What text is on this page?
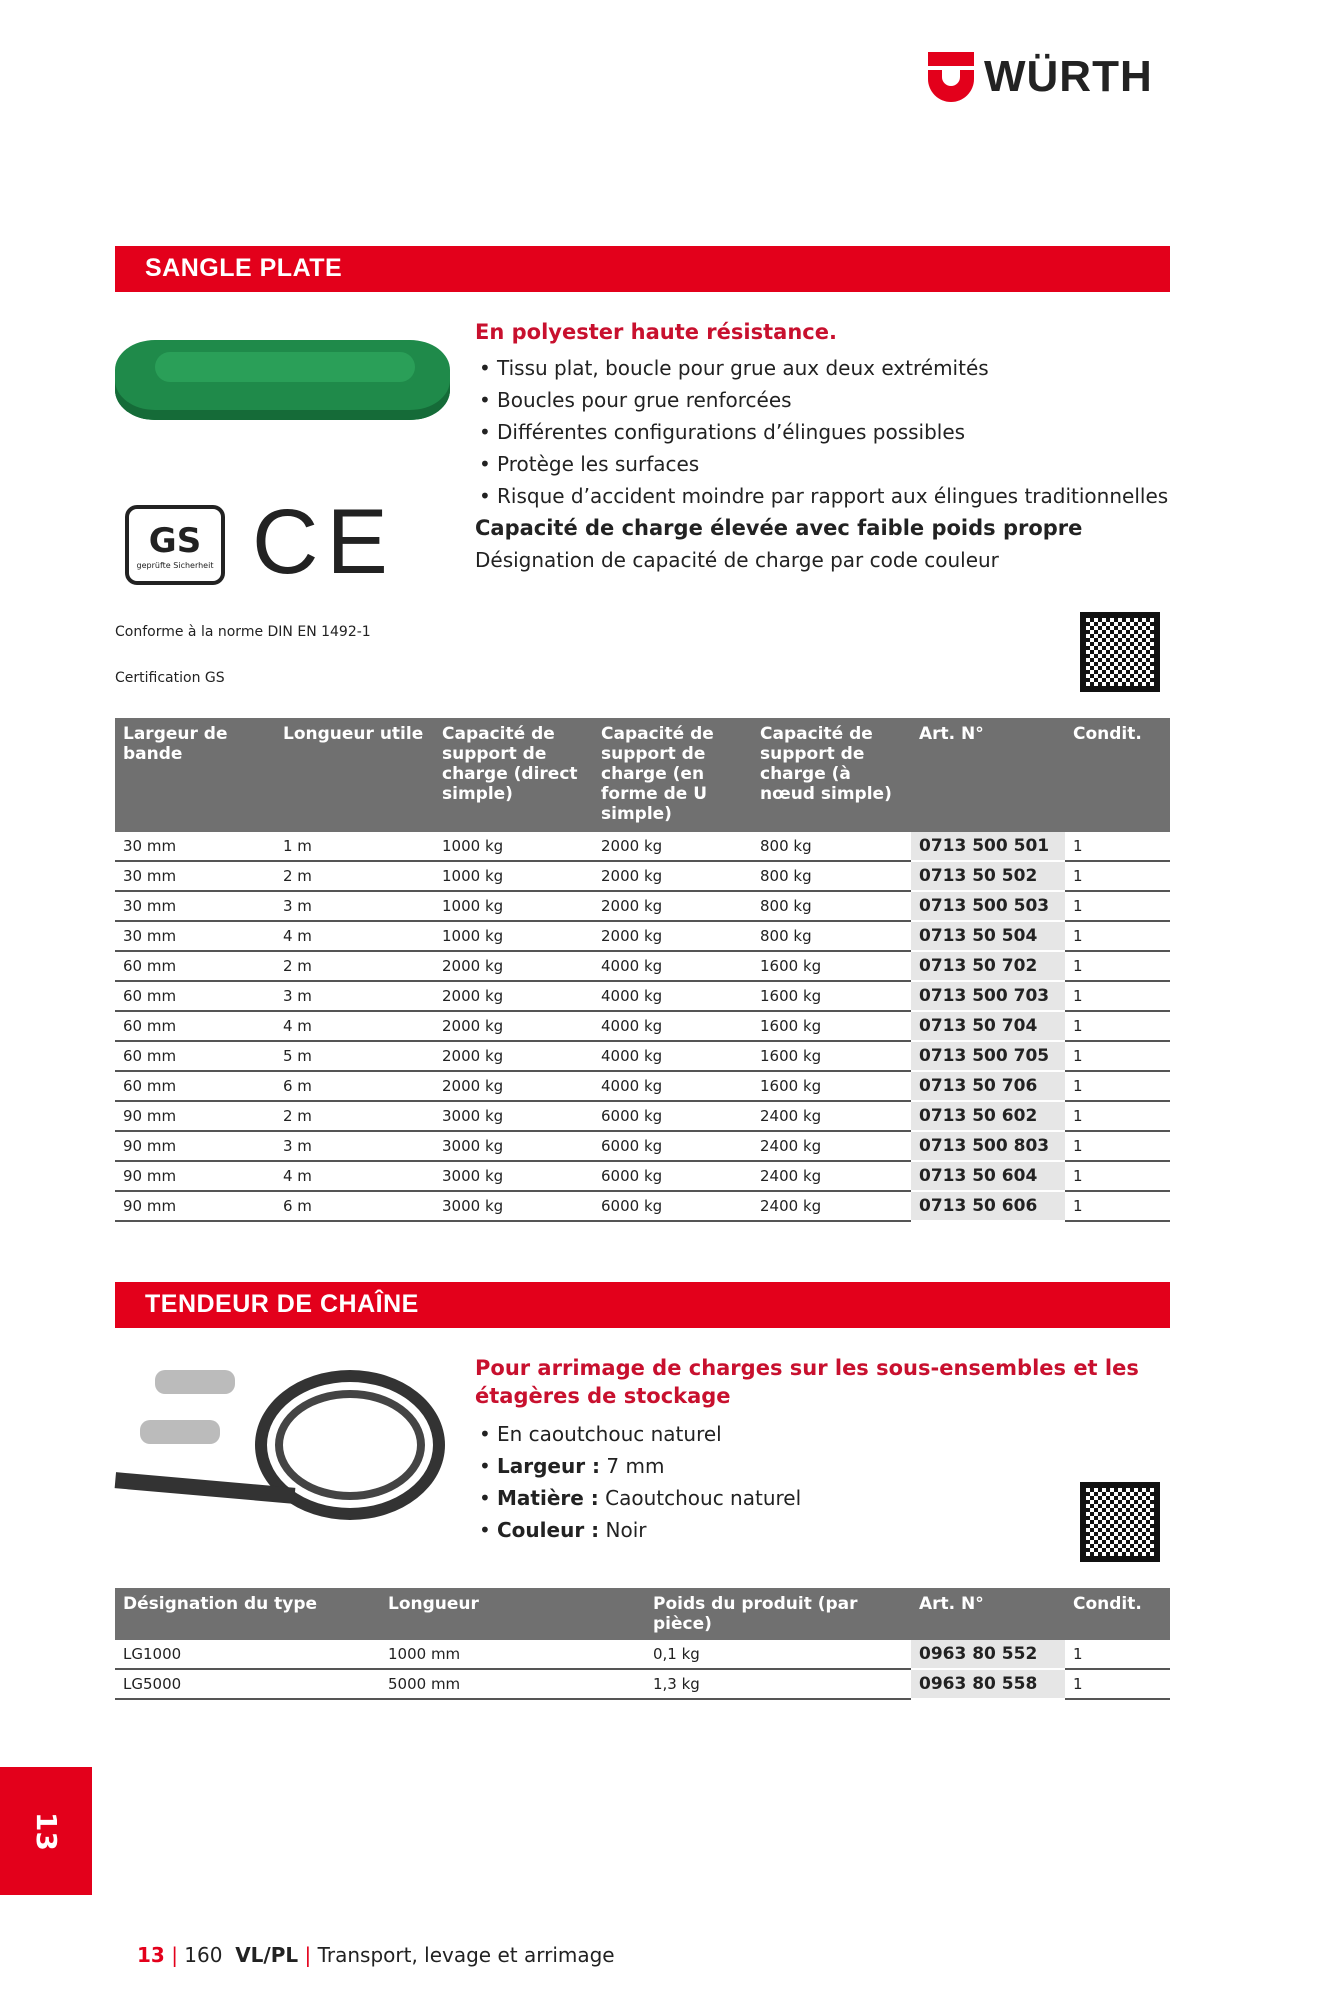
WÜRTH
SANGLE PLATE
GS
geprüfte Sicherheit CE
En polyester haute résistance.
• Tissu plat, boucle pour grue aux deux extrémités
• Boucles pour grue renforcées
• Différentes configurations d’élingues possibles
• Protège les surfaces
• Risque d’accident moindre par rapport aux élingues traditionnelles
Capacité de charge élevée avec faible poids propre
Désignation de capacité de charge par code couleur
Conforme à la norme DIN EN 1492-1
Certification GS
Largeur de bande	Longueur utile	Capacité de support de charge (direct simple)	Capacité de support de charge (en forme de U simple)	Capacité de support de charge (à nœud simple)	Art. N°	Condit.
30 mm	1 m	1000 kg	2000 kg	800 kg	0713 500 501	1
30 mm	2 m	1000 kg	2000 kg	800 kg	0713 50 502	1
30 mm	3 m	1000 kg	2000 kg	800 kg	0713 500 503	1
30 mm	4 m	1000 kg	2000 kg	800 kg	0713 50 504	1
60 mm	2 m	2000 kg	4000 kg	1600 kg	0713 50 702	1
60 mm	3 m	2000 kg	4000 kg	1600 kg	0713 500 703	1
60 mm	4 m	2000 kg	4000 kg	1600 kg	0713 50 704	1
60 mm	5 m	2000 kg	4000 kg	1600 kg	0713 500 705	1
60 mm	6 m	2000 kg	4000 kg	1600 kg	0713 50 706	1
90 mm	2 m	3000 kg	6000 kg	2400 kg	0713 50 602	1
90 mm	3 m	3000 kg	6000 kg	2400 kg	0713 500 803	1
90 mm	4 m	3000 kg	6000 kg	2400 kg	0713 50 604	1
90 mm	6 m	3000 kg	6000 kg	2400 kg	0713 50 606	1
TENDEUR DE CHAÎNE
Pour arrimage de charges sur les sous-ensembles et les étagères de stockage
• En caoutchouc naturel
• Largeur : 7 mm
• Matière : Caoutchouc naturel
• Couleur : Noir
Désignation du type	Longueur	Poids du produit (par pièce)	Art. N°	Condit.
LG1000	1000 mm	0,1 kg	0963 80 552	1
LG5000	5000 mm	1,3 kg	0963 80 558	1
13
13 | 160 VL/PL | Transport, levage et arrimage
